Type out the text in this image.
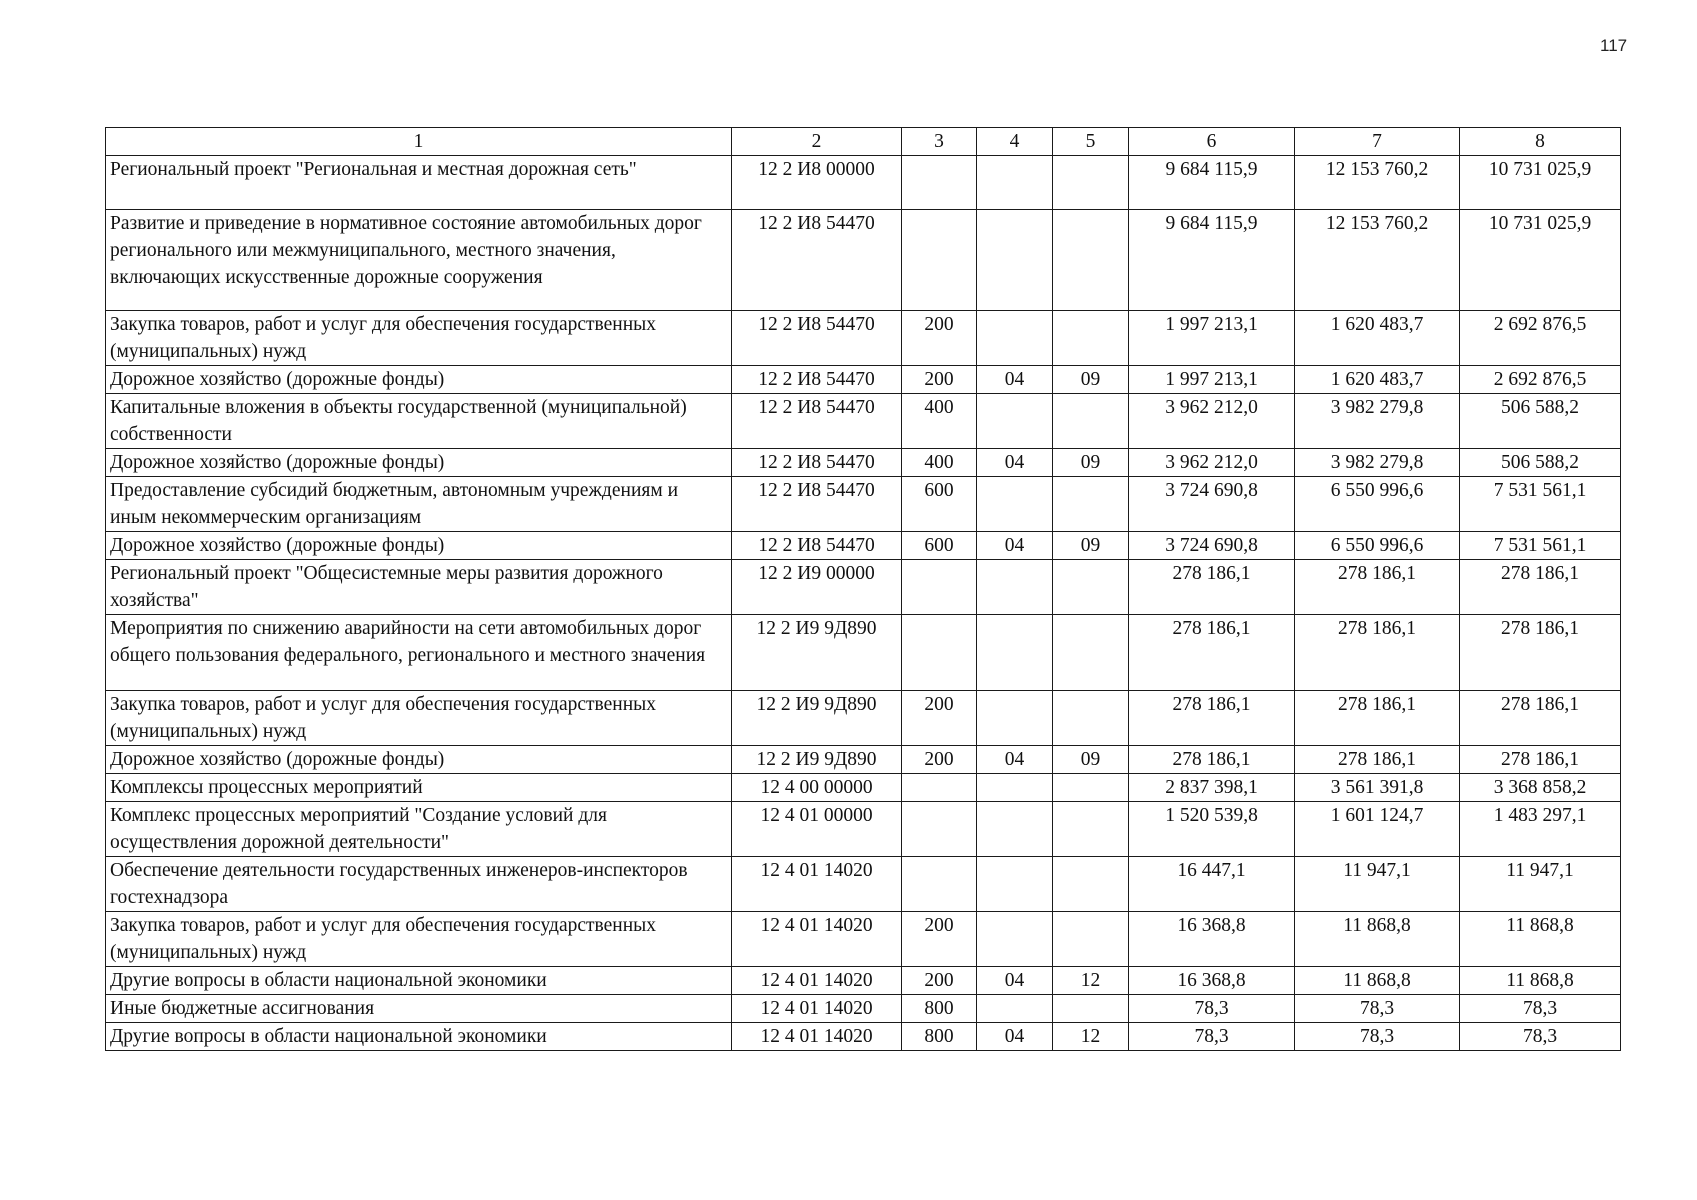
117
1	2	3	4	5	6	7	8
Региональный проект "Региональная и местная дорожная сеть"	12 2 И8 00000				9 684 115,9	12 153 760,2	10 731 025,9
Развитие и приведение в нормативное состояние автомобильных дорог регионального или межмуниципального, местного значения, включающих искусственные дорожные сооружения	12 2 И8 54470				9 684 115,9	12 153 760,2	10 731 025,9
Закупка товаров, работ и услуг для обеспечения государственных (муниципальных) нужд	12 2 И8 54470	200			1 997 213,1	1 620 483,7	2 692 876,5
Дорожное хозяйство (дорожные фонды)	12 2 И8 54470	200	04	09	1 997 213,1	1 620 483,7	2 692 876,5
Капитальные вложения в объекты государственной (муниципальной) собственности	12 2 И8 54470	400			3 962 212,0	3 982 279,8	506 588,2
Дорожное хозяйство (дорожные фонды)	12 2 И8 54470	400	04	09	3 962 212,0	3 982 279,8	506 588,2
Предоставление субсидий бюджетным, автономным учреждениям и иным некоммерческим организациям	12 2 И8 54470	600			3 724 690,8	6 550 996,6	7 531 561,1
Дорожное хозяйство (дорожные фонды)	12 2 И8 54470	600	04	09	3 724 690,8	6 550 996,6	7 531 561,1
Региональный проект "Общесистемные меры развития дорожного хозяйства"	12 2 И9 00000				278 186,1	278 186,1	278 186,1
Мероприятия по снижению аварийности на сети автомобильных дорог общего пользования федерального, регионального и местного значения	12 2 И9 9Д890				278 186,1	278 186,1	278 186,1
Закупка товаров, работ и услуг для обеспечения государственных (муниципальных) нужд	12 2 И9 9Д890	200			278 186,1	278 186,1	278 186,1
Дорожное хозяйство (дорожные фонды)	12 2 И9 9Д890	200	04	09	278 186,1	278 186,1	278 186,1
Комплексы процессных мероприятий	12 4 00 00000				2 837 398,1	3 561 391,8	3 368 858,2
Комплекс процессных мероприятий "Создание условий для осуществления дорожной деятельности"	12 4 01 00000				1 520 539,8	1 601 124,7	1 483 297,1
Обеспечение деятельности государственных инженеров-инспекторов гостехнадзора	12 4 01 14020				16 447,1	11 947,1	11 947,1
Закупка товаров, работ и услуг для обеспечения государственных (муниципальных) нужд	12 4 01 14020	200			16 368,8	11 868,8	11 868,8
Другие вопросы в области национальной экономики	12 4 01 14020	200	04	12	16 368,8	11 868,8	11 868,8
Иные бюджетные ассигнования	12 4 01 14020	800			78,3	78,3	78,3
Другие вопросы в области национальной экономики	12 4 01 14020	800	04	12	78,3	78,3	78,3
